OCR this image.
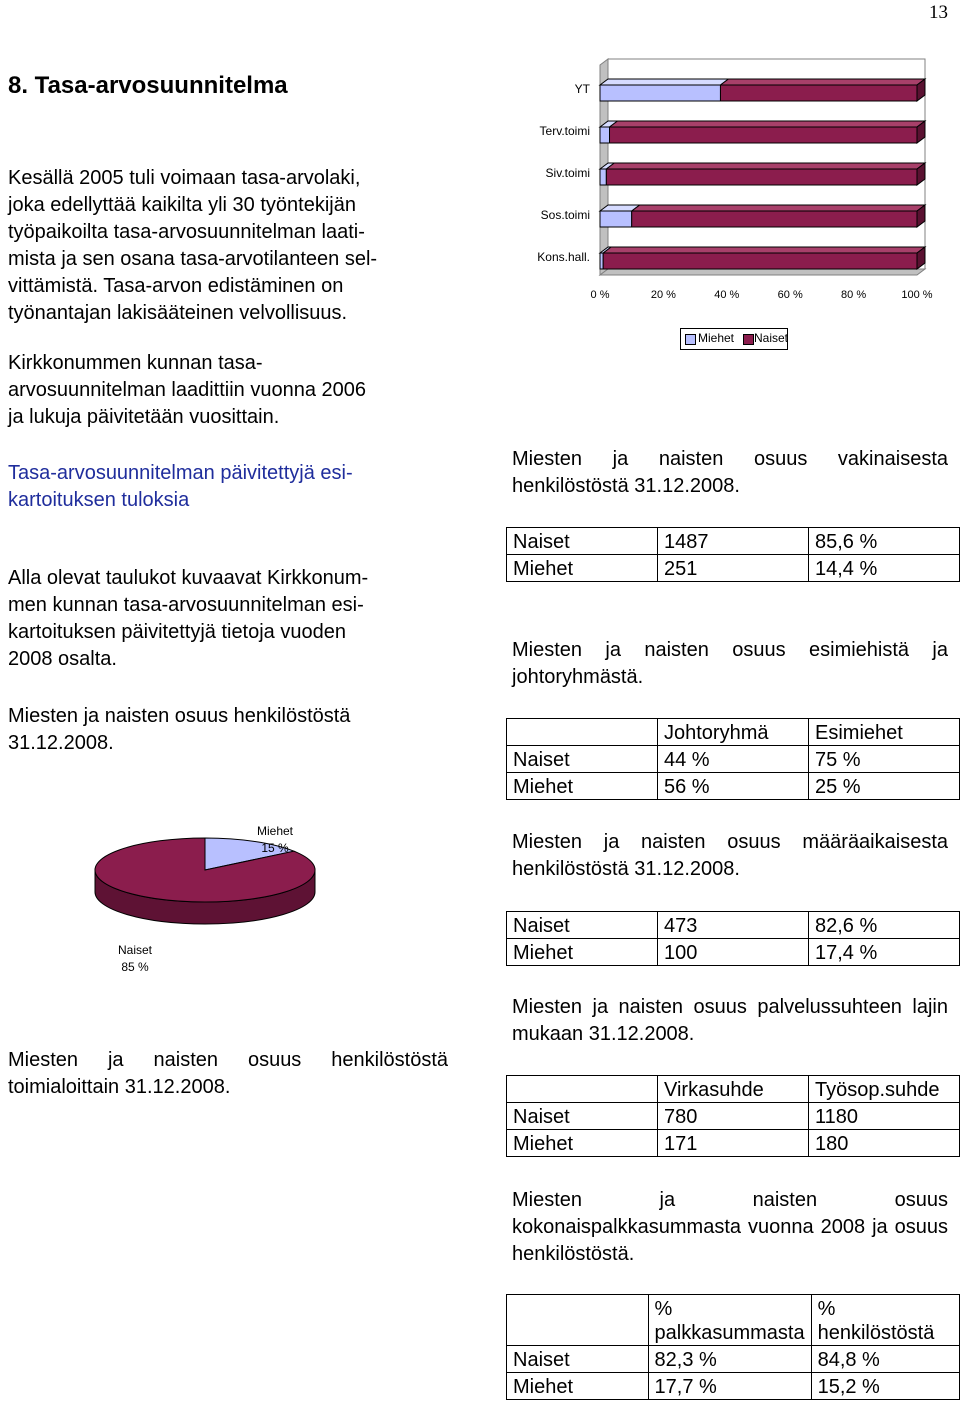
13
8. Tasa-arvosuunnitelma
Kesällä 2005 tuli voimaan tasa-arvolaki,
joka edellyttää kaikilta yli 30 työntekijän
työpaikoilta tasa-arvosuunnitelman laati-
mista ja sen osana tasa-arvotilanteen sel-
vittämistä. Tasa-arvon edistäminen on
työnantajan lakisääteinen velvollisuus.
Kirkkonummen kunnan tasa-
arvosuunnitelman laadittiin vuonna 2006
ja lukuja päivitetään vuosittain.
Tasa-arvosuunnitelman päivitettyjä esi-
kartoituksen tuloksia
Alla olevat taulukot kuvaavat Kirkkonum-
men kunnan tasa-arvosuunnitelman esi-
kartoituksen päivitettyjä tietoja vuoden
2008 osalta.
Miesten ja naisten osuus henkilöstöstä 31.12.2008.
Miehet
15 %
Naiset
85 %
Miesten ja naisten osuus henkilöstöstä toimialoittain 31.12.2008.
YT
Terv.toimi
Siv.toimi
Sos.toimi
Kons.hall.
0 %	20 %	40 %	60 %	80 %	100 %
Miehet Naiset
Miesten ja naisten osuus vakinaisesta henkilöstöstä 31.12.2008.
Naiset	1487	85,6 %
Miehet	251	14,4 %
Miesten ja naisten osuus esimiehistä ja johtoryhmästä.
	Johtoryhmä	Esimiehet
Naiset	44 %	75 %
Miehet	56 %	25 %
Miesten ja naisten osuus määräaikaisesta henkilöstöstä 31.12.2008.
Naiset	473	82,6 %
Miehet	100	17,4 %
Miesten ja naisten osuus palvelussuhteen lajin mukaan 31.12.2008.
	Virkasuhde	Työsop.suhde
Naiset	780	1180
Miehet	171	180
Miesten ja naisten osuus kokonaispalkkasummasta vuonna 2008 ja osuus henkilöstöstä.
	% palkkasummasta	% henkilöstöstä
Naiset	82,3 %	84,8 %
Miehet	17,7 %	15,2 %
